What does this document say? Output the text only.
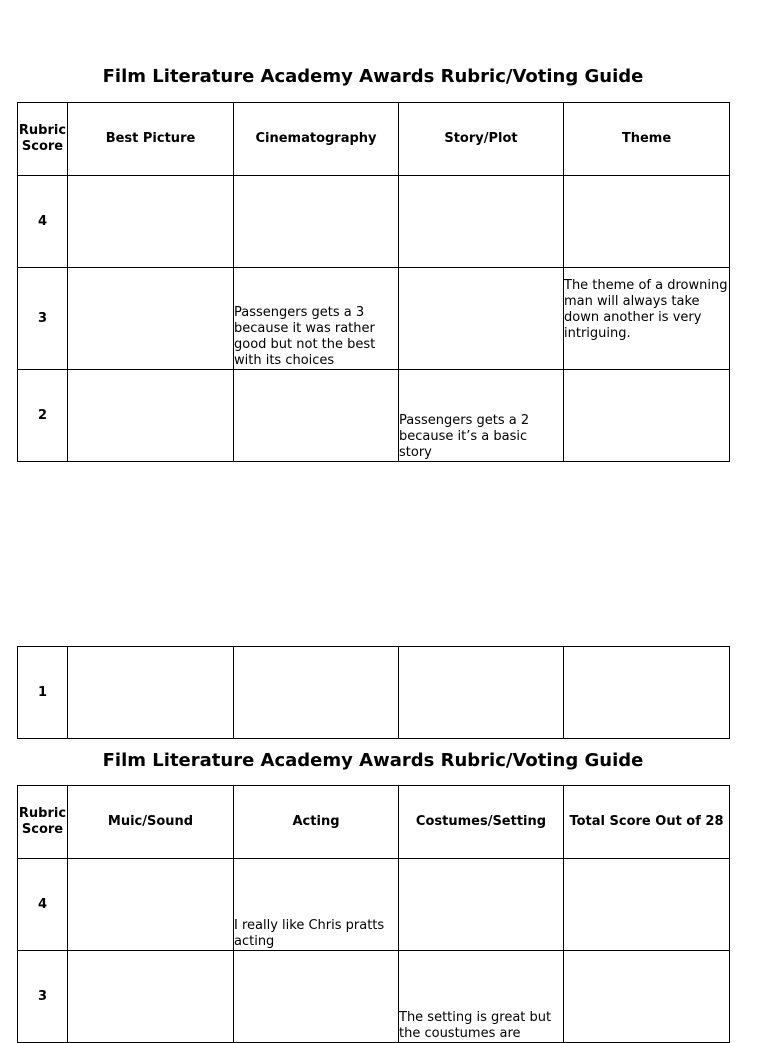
Film Literature Academy Awards Rubric/Voting Guide
Rubric Score	Best Picture	Cinematography	Story/Plot	Theme
4				
3		Passengers gets a 3 because it was rather good but not the best with its choices		The theme of a drowning man will always take down another is very intriguing.
2			Passengers gets a 2 because it’s a basic story	
1				
Film Literature Academy Awards Rubric/Voting Guide
Rubric Score	Muic/Sound	Acting	Costumes/Setting	Total Score Out of 28
4		I really like Chris pratts acting		
3			The setting is great but the coustumes are	
